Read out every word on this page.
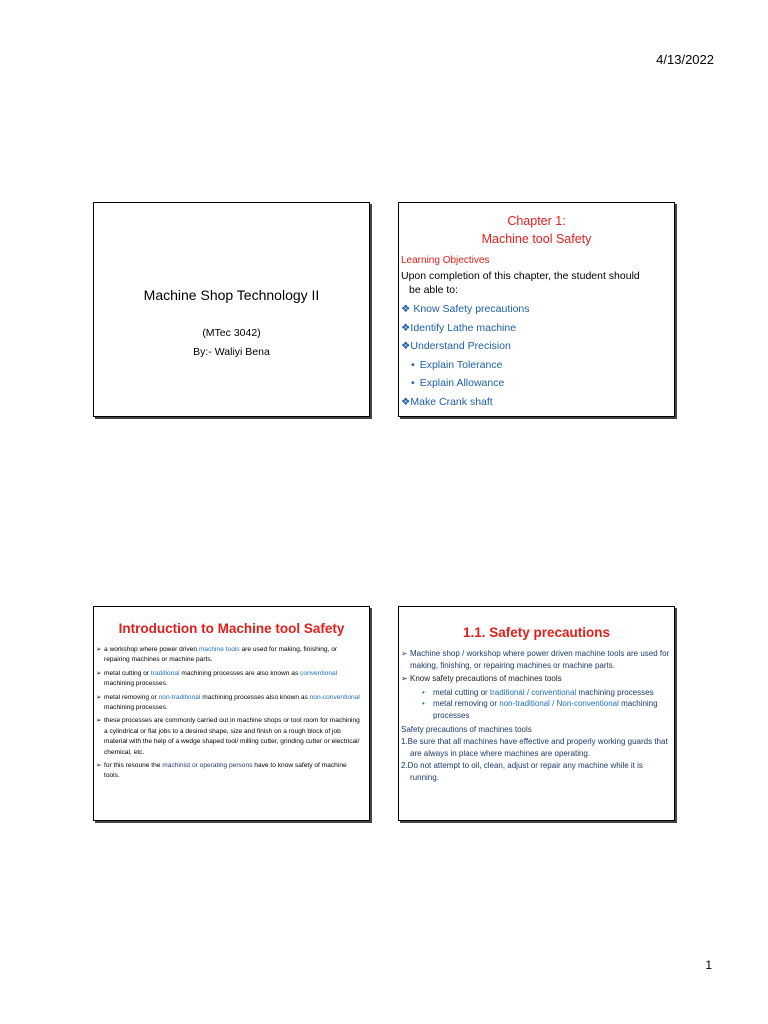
4/13/2022
Machine Shop Technology II
(MTec 3042)
By:- Waliyi Bena
Chapter 1:
Machine tool Safety
Learning Objectives
Upon completion of this chapter, the student should
be able to:
❖ Know Safety precautions
❖Identify Lathe machine
❖Understand Precision
• Explain Tolerance
• Explain Allowance
❖Make Crank shaft
Introduction to Machine tool Safety
➢ a workshop where power driven machine tools are used for making, finishing, or repairing machines or machine parts.
➢ metal cutting or traditional machining processes are also known as conventional machining processes.
➢ metal removing or non-traditional machining processes also known as non-conventional machining processes.
➢ these processes are commonly carried out in machine shops or tool room for machining a cylindrical or flat jobs to a desired shape, size and finish on a rough block of job material with the help of a wedge shaped tool/ milling cutter, grinding cutter or electrical/ chemical, etc.
➢ for this resoune the machinist or operating persons have to know safety of machine tools.
1.1. Safety precautions
➢ Machine shop / workshop where power driven machine tools are used for making, finishing, or repairing machines or machine parts.
➢ Know safety precautions of machines tools
• metal cutting or traditional / conventional machining processes
• metal removing or non-traditional / Non-conventional machining processes
Safety precautions of machines tools
1.Be sure that all machines have effective and properly working guards that are always in place where machines are operating.
2.Do not attempt to oil, clean, adjust or repair any machine while it is running.
1
